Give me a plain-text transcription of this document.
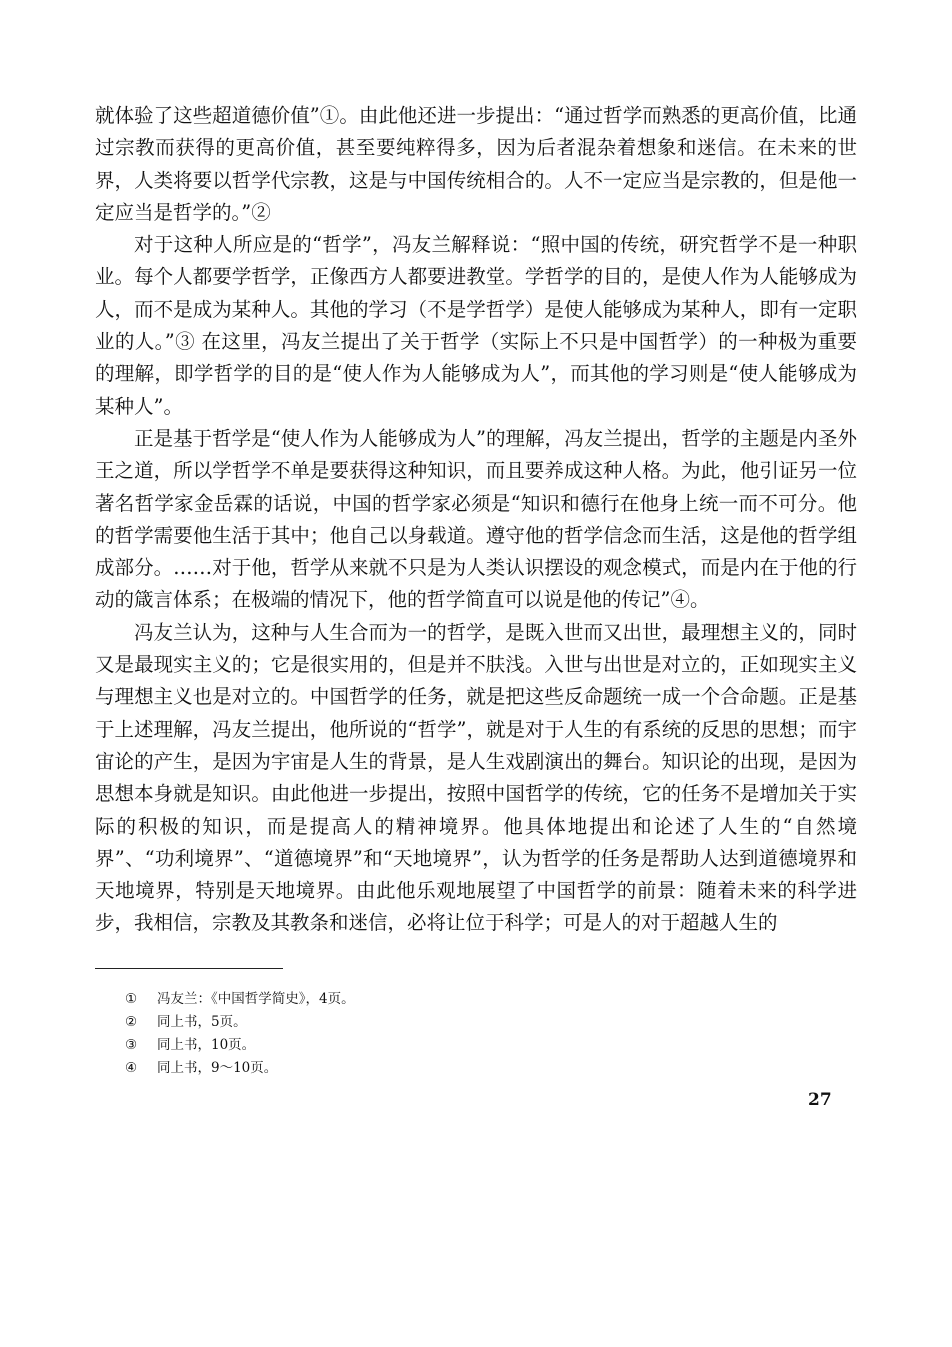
就体验了这些超道德价值”①。由此他还进一步提出：“通过哲学而熟悉的更高价值，比通过宗教而获得的更高价值，甚至要纯粹得多，因为后者混杂着想象和迷信。在未来的世界，人类将要以哲学代宗教，这是与中国传统相合的。人不一定应当是宗教的，但是他一定应当是哲学的。”②

对于这种人所应是的“哲学”，冯友兰解释说：“照中国的传统，研究哲学不是一种职业。每个人都要学哲学，正像西方人都要进教堂。学哲学的目的，是使人作为人能够成为人，而不是成为某种人。其他的学习（不是学哲学）是使人能够成为某种人，即有一定职业的人。”③ 在这里，冯友兰提出了关于哲学（实际上不只是中国哲学）的一种极为重要的理解，即学哲学的目的是“使人作为人能够成为人”，而其他的学习则是“使人能够成为某种人”。

正是基于哲学是“使人作为人能够成为人”的理解，冯友兰提出，哲学的主题是内圣外王之道，所以学哲学不单是要获得这种知识，而且要养成这种人格。为此，他引证另一位著名哲学家金岳霖的话说，中国的哲学家必须是“知识和德行在他身上统一而不可分。他的哲学需要他生活于其中；他自己以身载道。遵守他的哲学信念而生活，这是他的哲学组成部分。……对于他，哲学从来就不只是为人类认识摆设的观念模式，而是内在于他的行动的箴言体系；在极端的情况下，他的哲学简直可以说是他的传记”④。

冯友兰认为，这种与人生合而为一的哲学，是既入世而又出世，最理想主义的，同时又是最现实主义的；它是很实用的，但是并不肤浅。入世与出世是对立的，正如现实主义与理想主义也是对立的。中国哲学的任务，就是把这些反命题统一成一个合命题。正是基于上述理解，冯友兰提出，他所说的“哲学”，就是对于人生的有系统的反思的思想；而宇宙论的产生，是因为宇宙是人生的背景，是人生戏剧演出的舞台。知识论的出现，是因为思想本身就是知识。由此他进一步提出，按照中国哲学的传统，它的任务不是增加关于实际的积极的知识，而是提高人的精神境界。他具体地提出和论述了人生的“自然境界”、“功利境界”、“道德境界”和“天地境界”，认为哲学的任务是帮助人达到道德境界和天地境界，特别是天地境界。由此他乐观地展望了中国哲学的前景：随着未来的科学进步，我相信，宗教及其教条和迷信，必将让位于科学；可是人的对于超越人生的

① 冯友兰：《中国哲学简史》，4页。
② 同上书，5页。
③ 同上书，10页。
④ 同上书，9～10页。
27
